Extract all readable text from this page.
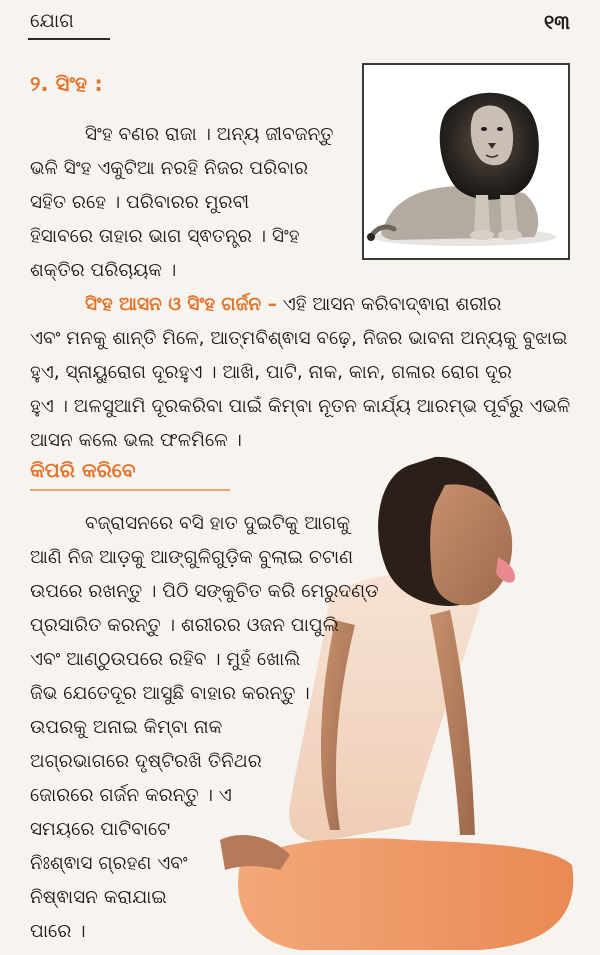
ଯୋଗ	୧୩
୨. ସିଂହ :
ସିଂହ ବଣର ରାଜା । ଅନ୍ୟ ଜୀବଜନ୍ତୁ
ଭଳି ସିଂହ ଏକୁଟିଆ ନରହି ନିଜର ପରିବାର
ସହିତ ରହେ । ପରିବାରର ମୁରବୀ
ହିସାବରେ ତାହାର ଭାଗ ସ୍ଵତନ୍ତ୍ର । ସିଂହ
ଶକ୍ତିର ପରିଚାୟକ ।
ସିଂହ ଆସନ ଓ ସିଂହ ଗର୍ଜନ – ଏହି ଆସନ କରିବାଦ୍ଵାରା ଶରୀର
ଏବଂ ମନକୁ ଶାନ୍ତି ମିଳେ, ଆତ୍ମବିଶ୍ଵାସ ବଢ଼େ, ନିଜର ଭାବନା ଅନ୍ୟକୁ ବୁଝାଇ
ହୁଏ, ସ୍ନାୟୁରୋଗ ଦୂରହୁଏ । ଆଖି, ପାଟି, ନାକ, କାନ, ଗଳାର ରୋଗ ଦୂର
ହୁଏ । ଅଳସୁଆମି ଦୂରକରିବା ପାଇଁ କିମ୍ବା ନୂତନ କାର୍ଯ୍ୟ ଆରମ୍ଭ ପୂର୍ବରୁ ଏଭଳି
ଆସନ କଲେ ଭଲ ଫଳମିଳେ ।
କିପରି କରିବେ
ବଜ୍ରାସନରେ ବସି ହାତ ଦୁଇଟିକୁ ଆଗକୁ
ଆଣି ନିଜ ଆଡ଼କୁ ଆଙ୍ଗୁଳିଗୁଡ଼ିକ ବୁଲାଇ ଚଟାଣ
ଉପରେ ରଖନ୍ତୁ । ପିଠି ସଙ୍କୁଚିତ କରି ମେରୁଦଣ୍ଡ
ପ୍ରସାରିତ କରନ୍ତୁ । ଶରୀରର ଓଜନ ପାପୁଲି
ଏବଂ ଆଣ୍ଠୁଉପରେ ରହିବ । ମୁହଁ ଖୋଲି
ଜିଭ ଯେତେଦୂର ଆସୁଛି ବାହାର କରନ୍ତୁ ।
ଉପରକୁ ଅନାଇ କିମ୍ବା ନାକ
ଅଗ୍ରଭାଗରେ ଦୃଷ୍ଟିରଖି ତିନିଥର
ଜୋରରେ ଗର୍ଜନ କରନ୍ତୁ । ଏ
ସମୟରେ ପାଟିବାଟେ
ନିଃଶ୍ଵାସ ଗ୍ରହଣ ଏବଂ
ନିଷ୍ଵାସନ କରାଯାଇ
ପାରେ ।
